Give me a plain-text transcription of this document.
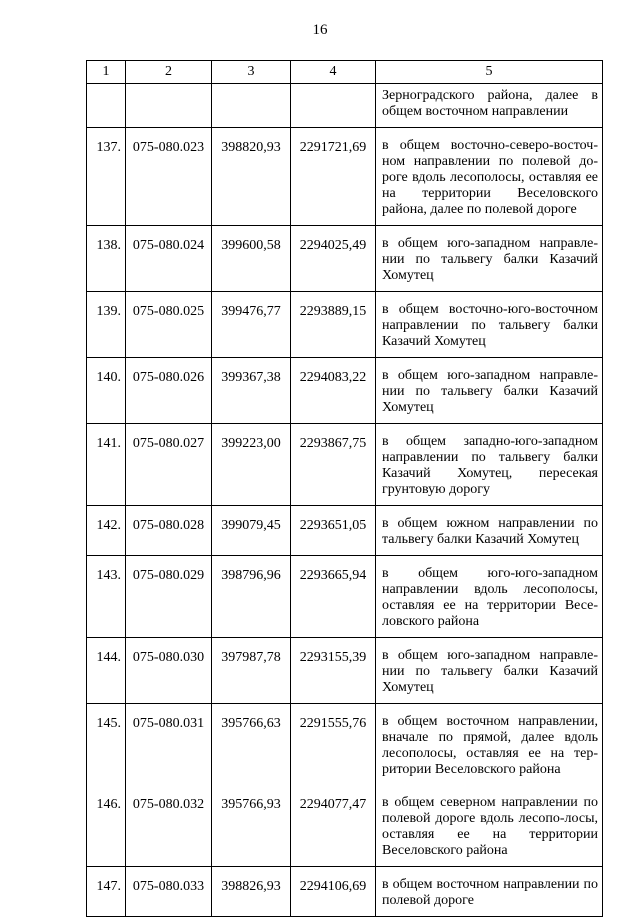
16
1	2	3	4	5
				Зерноградского района, далее в общем восточном направлении
137.	075-080.023	398820,93	2291721,69	в общем восточно-северо-восточ-ном направлении по полевой до-роге вдоль лесополосы, оставляя ее на территории Веселовского района, далее по полевой дороге
138.	075-080.024	399600,58	2294025,49	в общем юго-западном направле-нии по тальвегу балки Казачий Хомутец
139.	075-080.025	399476,77	2293889,15	в общем восточно-юго-восточном направлении по тальвегу балки Казачий Хомутец
140.	075-080.026	399367,38	2294083,22	в общем юго-западном направле-нии по тальвегу балки Казачий Хомутец
141.	075-080.027	399223,00	2293867,75	в общем западно-юго-западном направлении по тальвегу балки Казачий Хомутец, пересекая грунтовую дорогу
142.	075-080.028	399079,45	2293651,05	в общем южном направлении по тальвегу балки Казачий Хомутец
143.	075-080.029	398796,96	2293665,94	в общем юго-юго-западном направлении вдоль лесополосы, оставляя ее на территории Весе-ловского района
144.	075-080.030	397987,78	2293155,39	в общем юго-западном направле-нии по тальвегу балки Казачий Хомутец
145.	075-080.031	395766,63	2291555,76	в общем восточном направлении, вначале по прямой, далее вдоль лесополосы, оставляя ее на тер-ритории Веселовского района
146.	075-080.032	395766,93	2294077,47	в общем северном направлении по полевой дороге вдоль лесопо-лосы, оставляя ее на территории Веселовского района
147.	075-080.033	398826,93	2294106,69	в общем восточном направлении по полевой дороге
